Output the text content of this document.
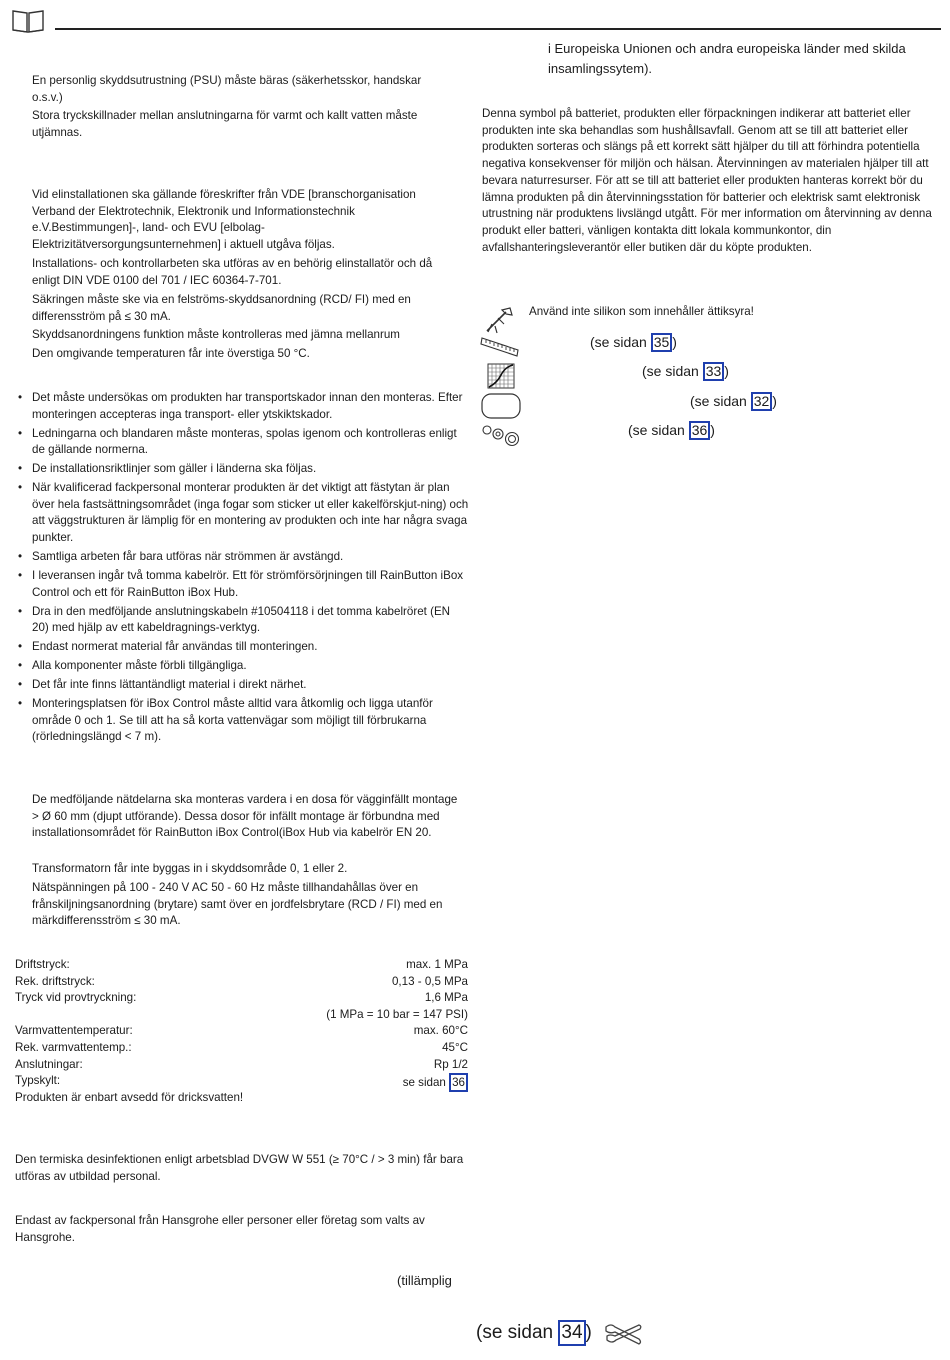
En personlig skyddsutrustning (PSU) måste bäras (säkerhetsskor, handskar o.s.v.)

Stora tryckskillnader mellan anslutningarna för varmt och kallt vatten måste utjämnas.

Vid elinstallationen ska gällande föreskrifter från VDE [branschorganisation Verband der Elektrotechnik, Elektronik und Informationstechnik e.V.Bestimmungen]-, land- och EVU [elbolag-Elektrizitätversorgungsunternehmen] i aktuell utgåva följas.

Installations- och kontrollarbeten ska utföras av en behörig elinstallatör och då enligt DIN VDE 0100 del 701 / IEC 60364-7-701.

Säkringen måste ske via en felströms-skyddsanordning (RCD/ FI) med en differensström på ≤ 30 mA.

Skyddsanordningens funktion måste kontrolleras med jämna mellanrum

Den omgivande temperaturen får inte överstiga 50 °C.

• Det måste undersökas om produkten har transportskador innan den monteras. Efter monteringen accepteras inga transport- eller ytskiktskador.
• Ledningarna och blandaren måste monteras, spolas igenom och kontrolleras enligt de gällande normerna.
• De installationsriktlinjer som gäller i länderna ska följas.
• När kvalificerad fackpersonal monterar produkten är det viktigt att fästytan är plan över hela fastsättningsområdet (inga fogar som sticker ut eller kakelförskjut-ning) och att väggstrukturen är lämplig för en montering av produkten och inte har några svaga punkter.
• Samtliga arbeten får bara utföras när strömmen är avstängd.
• I leveransen ingår två tomma kabelrör. Ett för strömförsörjningen till RainButton iBox Control och ett för RainButton iBox Hub.
• Dra in den medföljande anslutningskabeln #10504118 i det tomma kabelröret (EN 20) med hjälp av ett kabeldragnings-verktyg.
• Endast normerat material får användas till monteringen.
• Alla komponenter måste förbli tillgängliga.
• Det får inte finns lättantändligt material i direkt närhet.
• Monteringsplatsen för iBox Control måste alltid vara åtkomlig och ligga utanför område 0 och 1. Se till att ha så korta vattenvägar som möjligt till förbrukarna (rörledningslängd < 7 m).

De medföljande nätdelarna ska monteras vardera i en dosa för vägginfällt montage > Ø 60 mm (djupt utförande). Dessa dosor för infällt montage är förbundna med installationsområdet för RainButton iBox Control(iBox Hub via kabelrör EN 20.

Transformatorn får inte byggas in i skyddsområde 0, 1 eller 2.

Nätspänningen på 100 - 240 V AC 50 - 60 Hz måste tillhandahållas över en frånskiljningsanordning (brytare) samt över en jordfelsbrytare (RCD / FI) med en märkdifferensström ≤ 30 mA.

Driftstryck:	max. 1 MPa
Rek. driftstryck:	0,13 - 0,5 MPa
Tryck vid provtryckning:	1,6 MPa
(1 MPa = 10 bar = 147 PSI)
Varmvattentemperatur:	max. 60°C
Rek. varmvattentemp.:	45°C
Anslutningar:	Rp 1/2
Typskylt:	se sidan 36
Produkten är enbart avsedd för dricksvatten!

Den termiska desinfektionen enligt arbetsblad DVGW W 551 (≥ 70°C / > 3 min) får bara utföras av utbildad personal.

Endast av fackpersonal från Hansgrohe eller personer eller företag som valts av Hansgrohe.

(tillämplig

i Europeiska Unionen och andra europeiska länder med skilda insamlingssytem).

Denna symbol på batteriet, produkten eller förpackningen indikerar att batteriet eller produkten inte ska behandlas som hushållsavfall. Genom att se till att batteriet eller produkten sorteras och slängs på ett korrekt sätt hjälper du till att förhindra potentiella negativa konsekvenser för miljön och hälsan. Återvinningen av materialen hjälper till att bevara naturresurser. För att se till att batteriet eller produkten hanteras korrekt bör du lämna produkten på din återvinningsstation för batterier och elektrisk samt elektronisk utrustning när produktens livslängd utgått. För mer information om återvinning av denna produkt eller batteri, vänligen kontakta ditt lokala kommunkontor, din avfallshanteringsleverantör eller butiken där du köpte produkten.

Använd inte silikon som innehåller ättiksyra!

(se sidan 35 )
(se sidan 33 )
(se sidan 32 )
(se sidan 36 )
(se sidan 34 )
